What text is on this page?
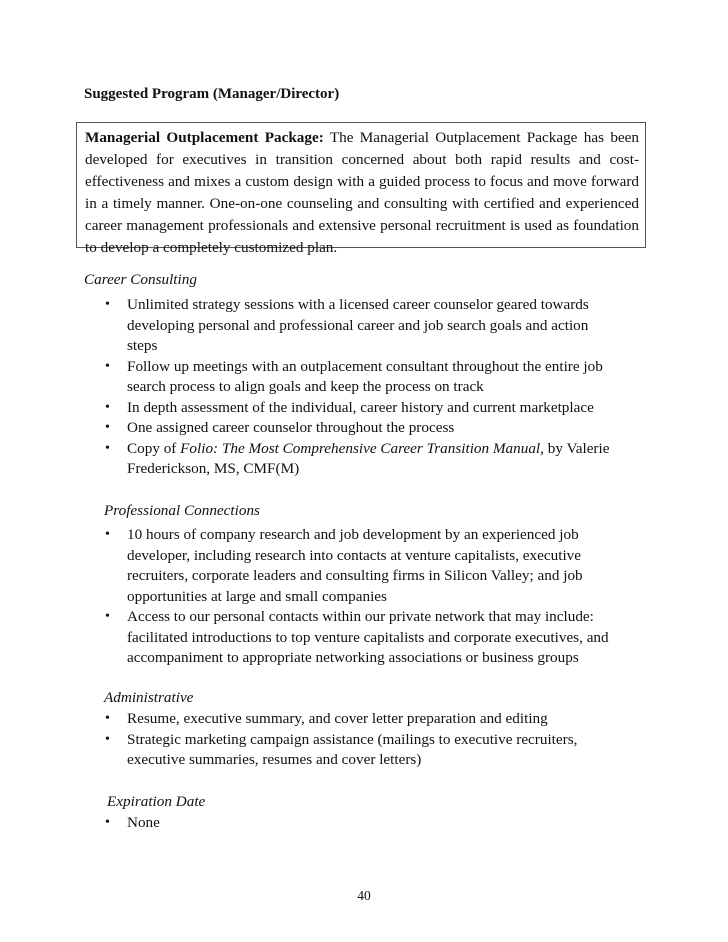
Suggested Program (Manager/Director)
Managerial Outplacement Package: The Managerial Outplacement Package has been developed for executives in transition concerned about both rapid results and cost-effectiveness and mixes a custom design with a guided process to focus and move forward in a timely manner. One-on-one counseling and consulting with certified and experienced career management professionals and extensive personal recruitment is used as foundation to develop a completely customized plan.
Career Consulting
• Unlimited strategy sessions with a licensed career counselor geared towards developing personal and professional career and job search goals and action steps
• Follow up meetings with an outplacement consultant throughout the entire job search process to align goals and keep the process on track
• In depth assessment of the individual, career history and current marketplace
• One assigned career counselor throughout the process
• Copy of Folio: The Most Comprehensive Career Transition Manual, by Valerie Frederickson, MS, CMF(M)
Professional Connections
• 10 hours of company research and job development by an experienced job developer, including research into contacts at venture capitalists, executive recruiters, corporate leaders and consulting firms in Silicon Valley; and job opportunities at large and small companies
• Access to our personal contacts within our private network that may include: facilitated introductions to top venture capitalists and corporate executives, and accompaniment to appropriate networking associations or business groups
Administrative
• Resume, executive summary, and cover letter preparation and editing
• Strategic marketing campaign assistance (mailings to executive recruiters, executive summaries, resumes and cover letters)
Expiration Date
• None
40
